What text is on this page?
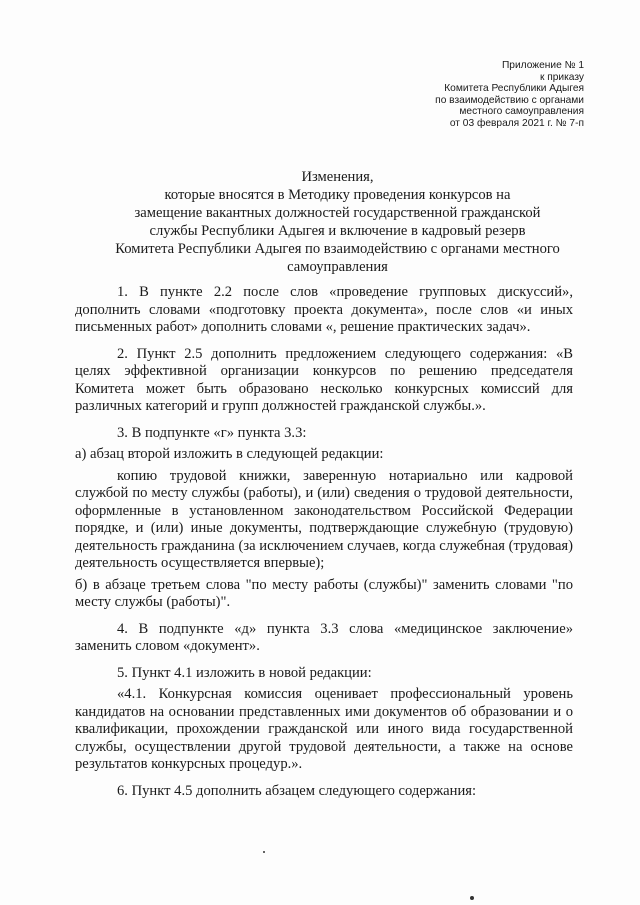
Приложение № 1
к приказу
Комитета Республики Адыгея
по взаимодействию с органами
местного самоуправления
от 03 февраля 2021 г. № 7-п
Изменения,
которые вносятся в Методику проведения конкурсов на
замещение вакантных должностей государственной гражданской
службы Республики Адыгея и включение в кадровый резерв
Комитета Республики Адыгея по взаимодействию с органами местного
самоуправления

1. В пункте 2.2 после слов «проведение групповых дискуссий», дополнить словами «подготовку проекта документа», после слов «и иных письменных работ» дополнить словами «, решение практических задач».

2. Пункт 2.5 дополнить предложением следующего содержания: «В целях эффективной организации конкурсов по решению председателя Комитета может быть образовано несколько конкурсных комиссий для различных категорий и групп должностей гражданской службы.».

3. В подпункте «г» пункта 3.3:

а) абзац второй изложить в следующей редакции:

копию трудовой книжки, заверенную нотариально или кадровой службой по месту службы (работы), и (или) сведения о трудовой деятельности, оформленные в установленном законодательством Российской Федерации порядке, и (или) иные документы, подтверждающие служебную (трудовую) деятельность гражданина (за исключением случаев, когда служебная (трудовая) деятельность осуществляется впервые);

б) в абзаце третьем слова "по месту работы (службы)" заменить словами "по месту службы (работы)".

4. В подпункте «д» пункта 3.3 слова «медицинское заключение» заменить словом «документ».

5. Пункт 4.1 изложить в новой редакции:

«4.1. Конкурсная комиссия оценивает профессиональный уровень кандидатов на основании представленных ими документов об образовании и о квалификации, прохождении гражданской или иного вида государственной службы, осуществлении другой трудовой деятельности, а также на основе результатов конкурсных процедур.».

6. Пункт 4.5 дополнить абзацем следующего содержания:
